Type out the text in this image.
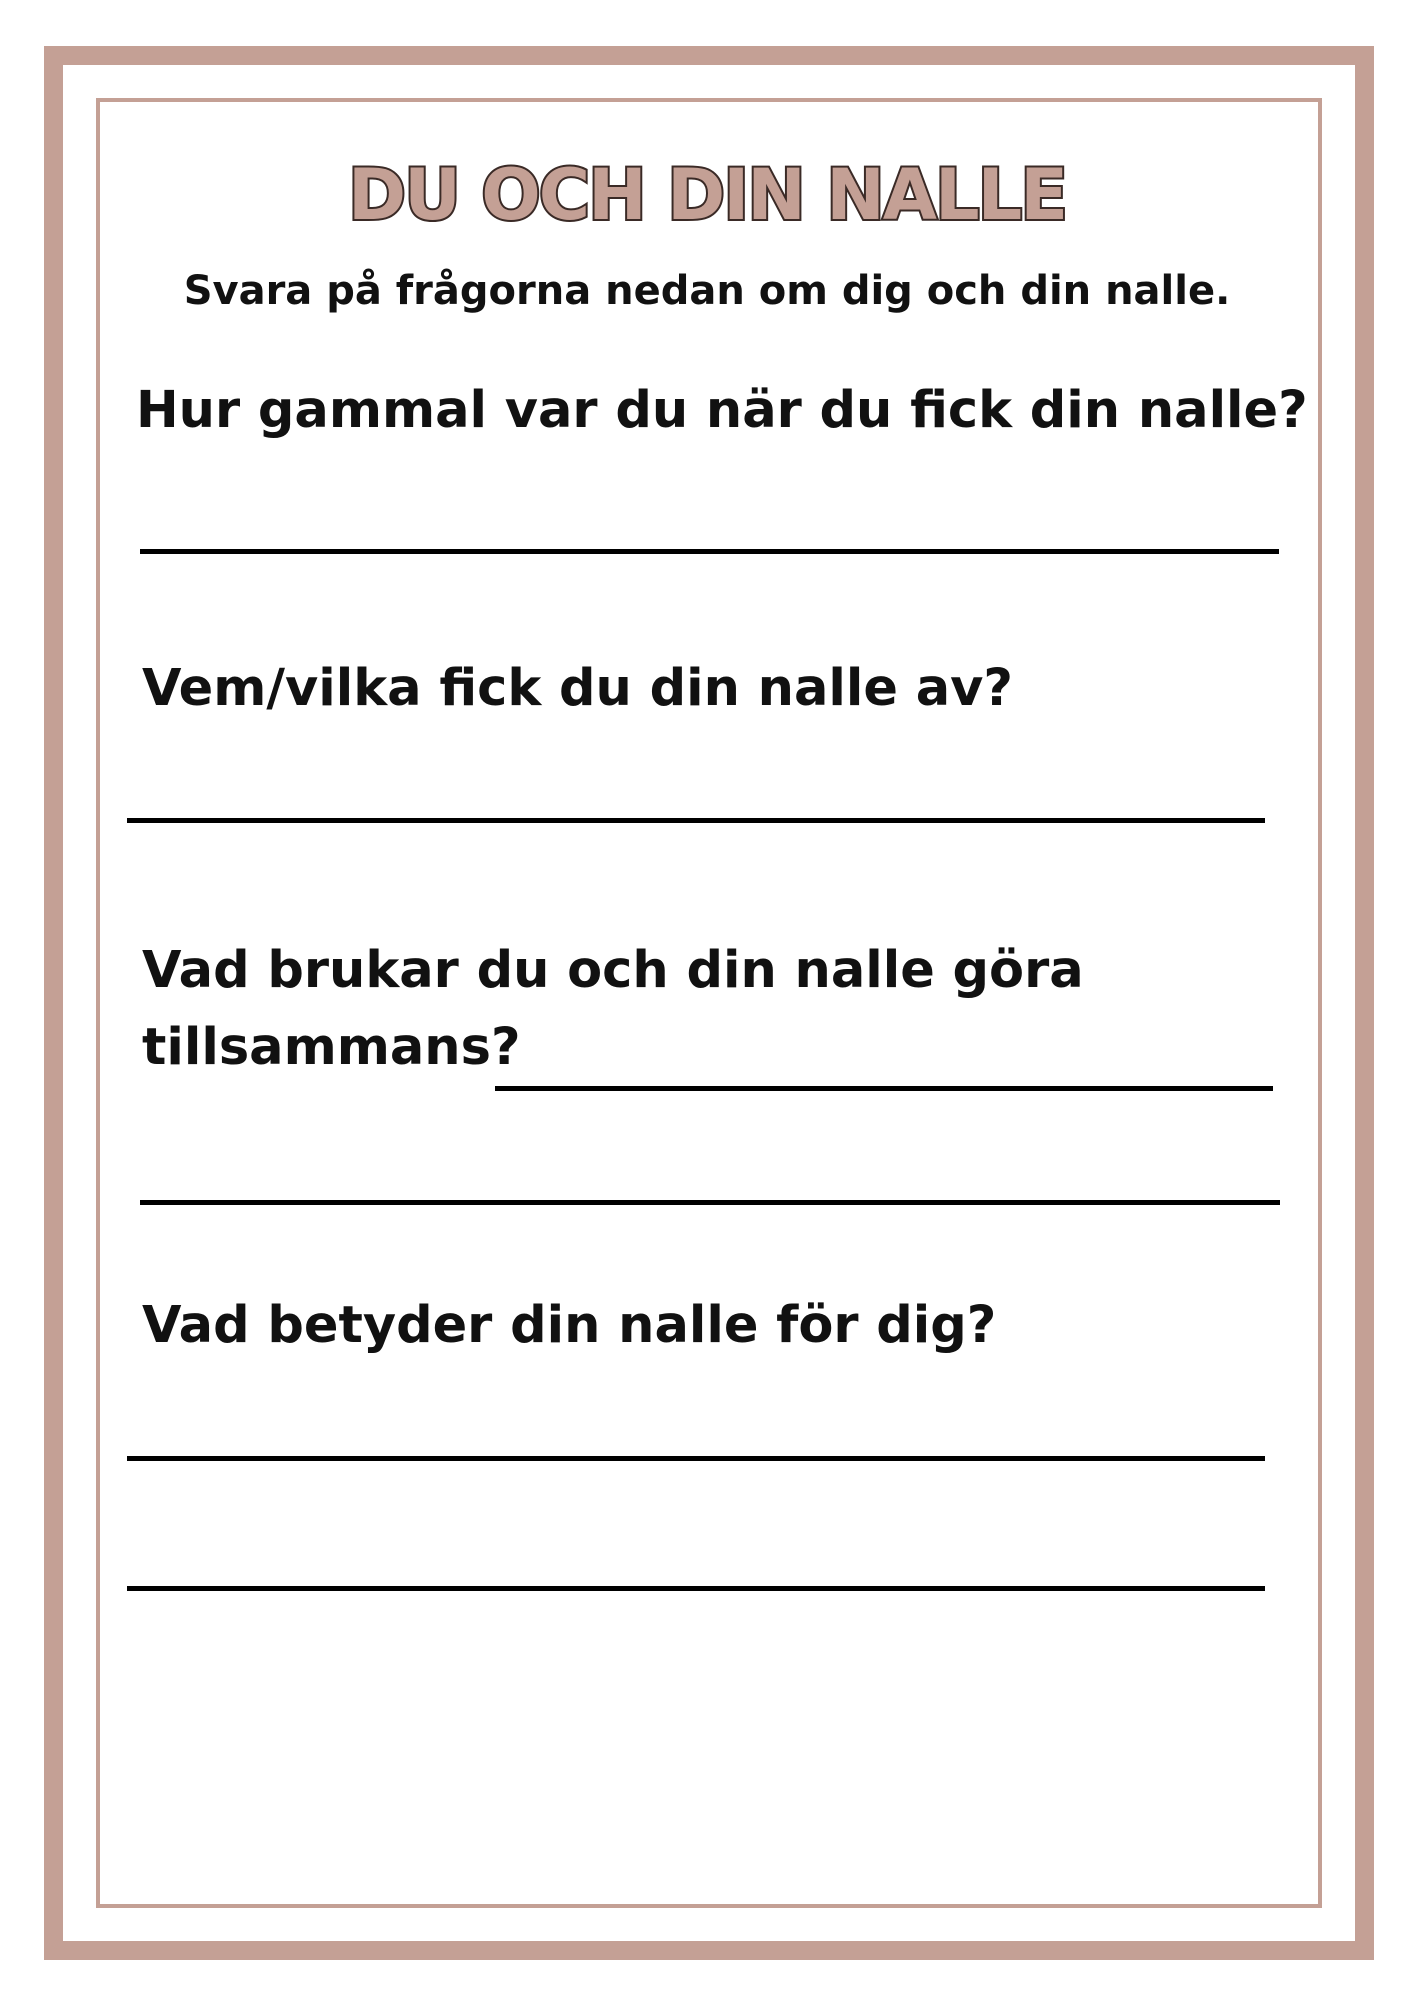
DU OCH DIN NALLE

Svara på frågorna nedan om dig och din nalle.

Hur gammal var du när du fick din nalle?

Vem/vilka fick du din nalle av?

Vad brukar du och din nalle göra

tillsammans?

Vad betyder din nalle för dig?
